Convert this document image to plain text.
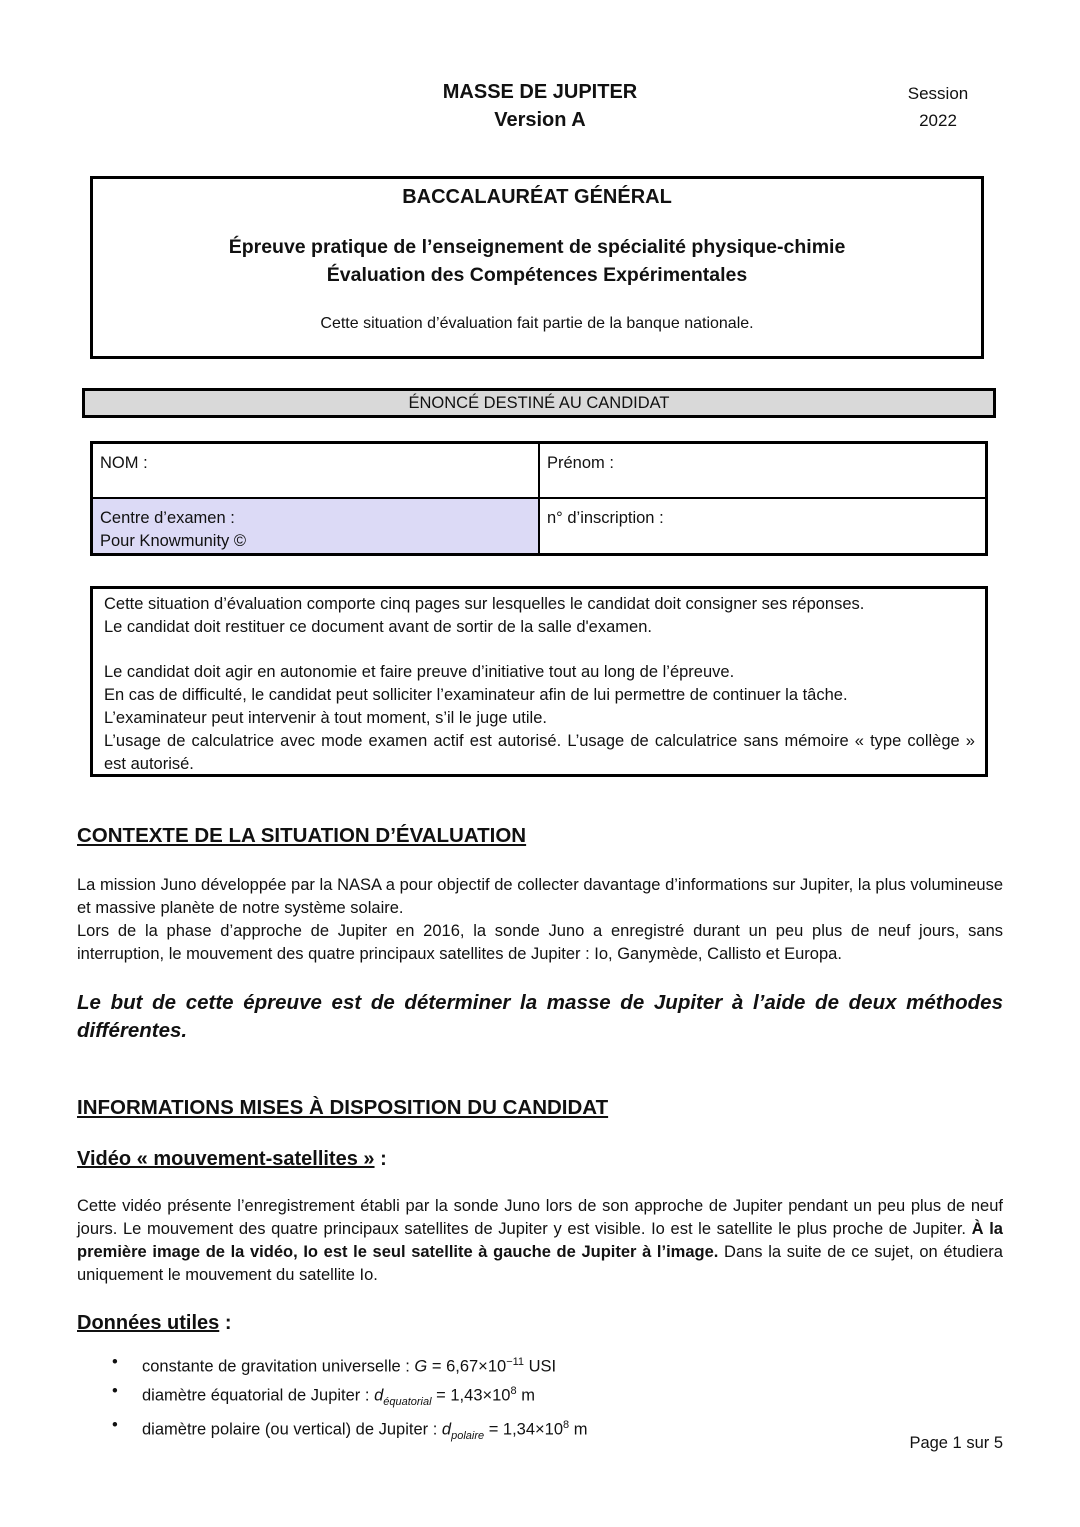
MASSE DE JUPITER
Version A
Session
2022
BACCALAURÉAT GÉNÉRAL
Épreuve pratique de l’enseignement de spécialité physique-chimie
Évaluation des Compétences Expérimentales
Cette situation d’évaluation fait partie de la banque nationale.
ÉNONCÉ DESTINÉ AU CANDIDAT
NOM :	Prénom :

Centre d’examen :
Pour Knowmunity ©	n° d’inscription :

Cette situation d’évaluation comporte cinq pages sur lesquelles le candidat doit consigner ses réponses.

Le candidat doit restituer ce document avant de sortir de la salle d'examen.

Le candidat doit agir en autonomie et faire preuve d’initiative tout au long de l’épreuve.

En cas de difficulté, le candidat peut solliciter l’examinateur afin de lui permettre de continuer la tâche.

L’examinateur peut intervenir à tout moment, s’il le juge utile.

L’usage de calculatrice avec mode examen actif est autorisé. L’usage de calculatrice sans mémoire « type collège » est autorisé.

CONTEXTE DE LA SITUATION D’ÉVALUATION

La mission Juno développée par la NASA a pour objectif de collecter davantage d’informations sur Jupiter, la plus volumineuse et massive planète de notre système solaire.

Lors de la phase d’approche de Jupiter en 2016, la sonde Juno a enregistré durant un peu plus de neuf jours, sans interruption, le mouvement des quatre principaux satellites de Jupiter : Io, Ganymède, Callisto et Europa.

Le but de cette épreuve est de déterminer la masse de Jupiter à l’aide de deux méthodes différentes.
INFORMATIONS MISES À DISPOSITION DU CANDIDAT
Vidéo « mouvement-satellites » :
Cette vidéo présente l’enregistrement établi par la sonde Juno lors de son approche de Jupiter pendant un peu plus de neuf jours. Le mouvement des quatre principaux satellites de Jupiter y est visible. Io est le satellite le plus proche de Jupiter. À la première image de la vidéo, Io est le seul satellite à gauche de Jupiter à l’image. Dans la suite de ce sujet, on étudiera uniquement le mouvement du satellite Io.
Données utiles :
• constante de gravitation universelle : $G = 6,67\times 10^{-11}$ USI
• diamètre équatorial de Jupiter : $d_{équatorial} = 1,43\times 10^8$ m
• diamètre polaire (ou vertical) de Jupiter : $d_{polaire} = 1,34\times 10^8$ m
Page 1 sur 5
